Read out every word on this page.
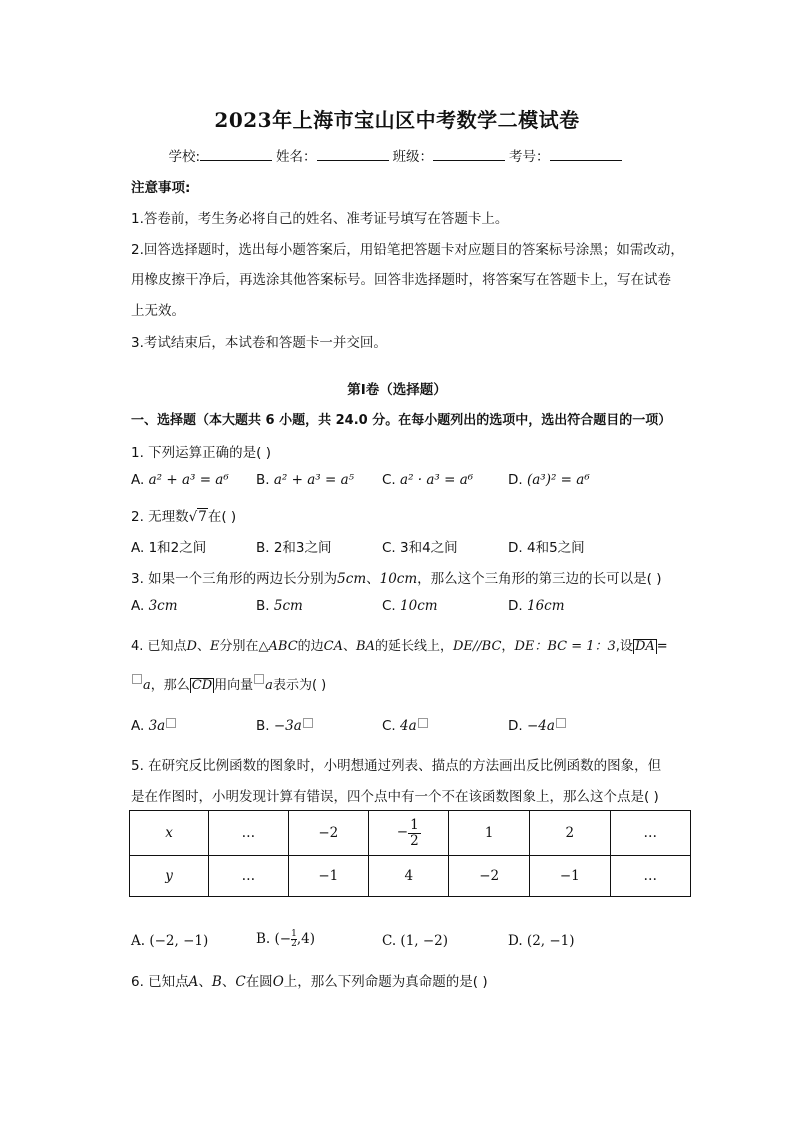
2023年上海市宝山区中考数学二模试卷
学校:	姓名：	班级：	考号：
注意事项:
1.答卷前，考生务必将自己的姓名、准考证号填写在答题卡上。
2.回答选择题时，选出每小题答案后，用铅笔把答题卡对应题目的答案标号涂黑；如需改动，
用橡皮擦干净后，再选涂其他答案标号。回答非选择题时，将答案写在答题卡上，写在试卷
上无效。
3.考试结束后，本试卷和答题卡一并交回。
第Ⅰ卷（选择题）
一、选择题（本大题共 6 小题，共 24.0 分。在每小题列出的选项中，选出符合题目的一项）
1. 下列运算正确的是( )
A. a² + a³ = a⁶ B. a² + a³ = a⁵ C. a² · a³ = a⁶	D. (a³)² = a⁶
2. 无理数√7在( )
A. 1和2之间	B. 2和3之间	C. 3和4之间	D. 4和5之间
3. 如果一个三角形的两边长分别为5cm、10cm，那么这个三角形的第三边的长可以是( )
A. 3cm	B. 5cm	C. 10cm	D. 16cm
4. 已知点D、E分别在△ABC的边CA、BA的延长线上，DE//BC，DE：BC = 1：3,设 DA =
a，那么 CD 用向量 a表示为( )
A. 3a	B. −3a	C. 4a	D. −4a
5. 在研究反比例函数的图象时，小明想通过列表、描点的方法画出反比例函数的图象，但
是在作图时，小明发现计算有错误，四个点中有一个不在该函数图象上，那么这个点是( )
x	…	−2	− $\frac{1}{2}$	1	2	…
y	…	−1	4	−2	−1	…
A. (−2, −1)	B. (− $\frac{1}{2} ,4$)	C. (1, −2)	D. (2, −1)
6. 已知点A、B、C在圆O上，那么下列命题为真命题的是( )
